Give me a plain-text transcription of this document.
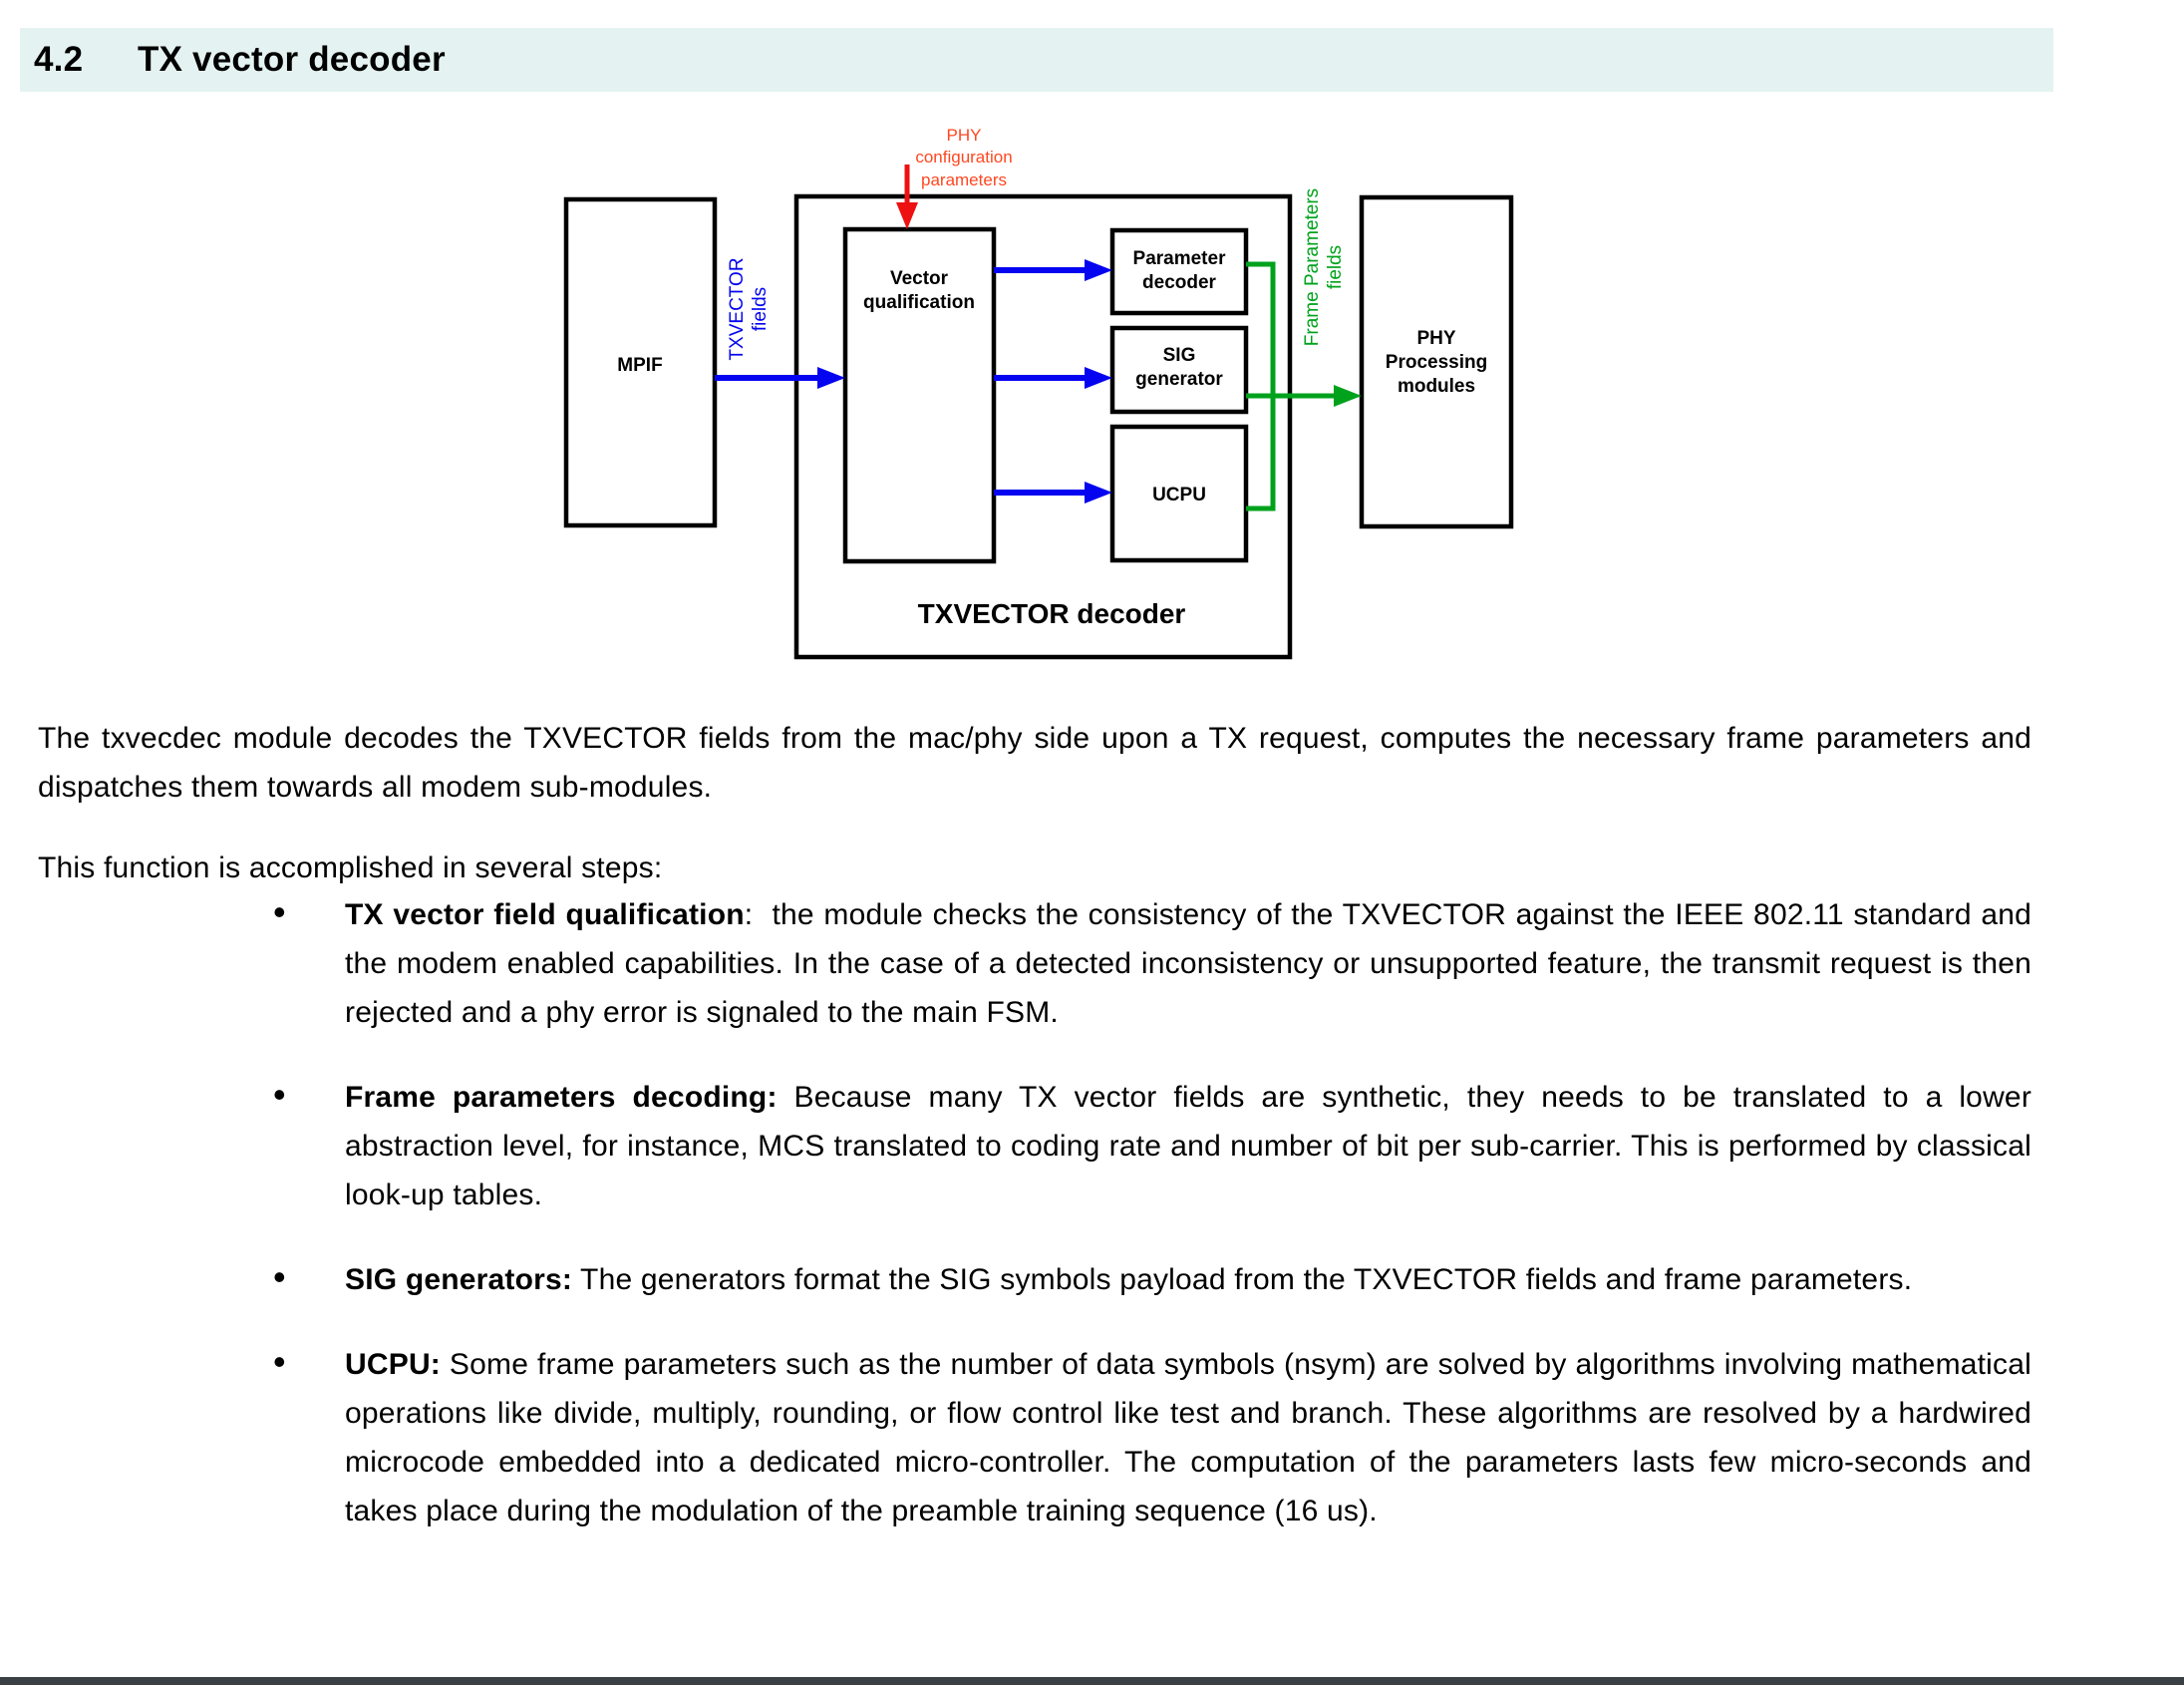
4.2	TX vector decoder
PHY
configuration
parameters
TXVECTOR fields	Frame Parameters fields
MPIF
Vector
qualification
Parameter
decoder
SIG
generator
UCPU
PHY
Processing
modules
TXVECTOR decoder

The txvecdec module decodes the TXVECTOR fields from the mac/phy side upon a TX request, computes the necessary frame parameters and dispatches them towards all modem sub-modules.

This function is accomplished in several steps:

• TX vector field qualification:  the module checks the consistency of the TXVECTOR against the IEEE 802.11 standard and the modem enabled capabilities. In the case of a detected inconsistency or unsupported feature, the transmit request is then rejected and a phy error is signaled to the main FSM.
• Frame parameters decoding: Because many TX vector fields are synthetic, they needs to be translated to a lower abstraction level, for instance, MCS translated to coding rate and number of bit per sub-carrier. This is performed by classical look-up tables.
• SIG generators: The generators format the SIG symbols payload from the TXVECTOR fields and frame parameters.
• UCPU: Some frame parameters such as the number of data symbols (nsym) are solved by algorithms involving mathematical operations like divide, multiply, rounding, or flow control like test and branch. These algorithms are resolved by a hardwired microcode embedded into a dedicated micro-controller. The computation of the parameters lasts few micro-seconds and takes place during the modulation of the preamble training sequence (16 us).
